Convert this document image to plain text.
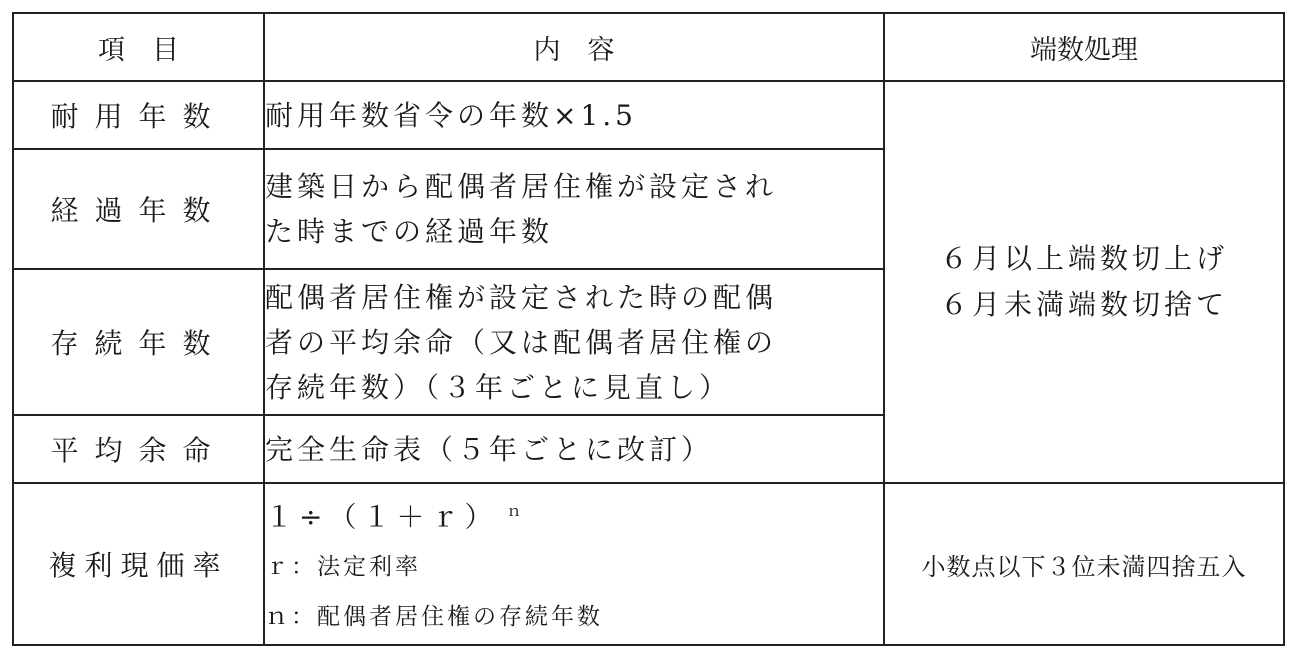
項　目	内　容	端数処理
耐用年数	耐用年数省令の年数×1.5	６月以上端数切上げ
６月未満端数切捨て

経過年数	建築日から配偶者居住権が設定され
た時までの経過年数	

存続年数	配偶者居住権が設定された時の配偶
者の平均余命（又は配偶者居住権の
存続年数）（３年ごとに見直し）	

平均余命	完全生命表（５年ごとに改訂）	

複利現価率	１÷（１＋ｒ） $^n$
ｒ：法定利率
ｎ：配偶者居住権の存続年数	小数点以下３位未満四捨五入
